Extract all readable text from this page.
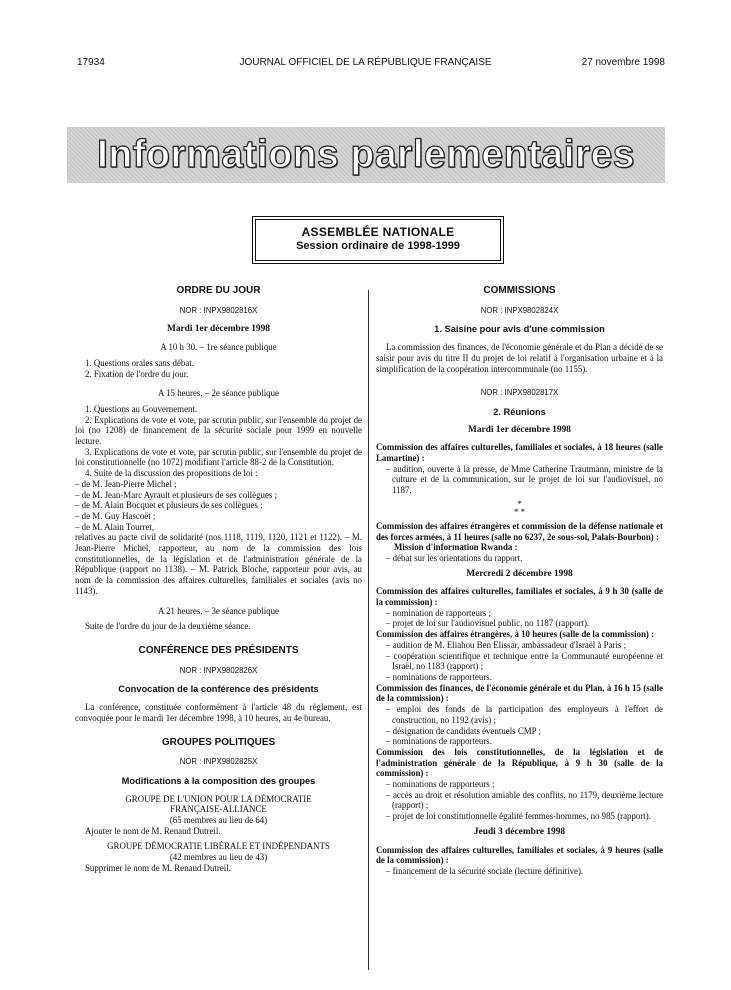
17934	JOURNAL OFFICIEL DE LA RÉPUBLIQUE FRANÇAISE	27 novembre 1998
Informations parlementaires
ASSEMBLÉE NATIONALE
Session ordinaire de 1998-1999
ORDRE DU JOUR
NOR : INPX9802816X
Mardi 1er décembre 1998
A 10 h 30. – 1re séance publique
1. Questions orales sans débat.
2. Fixation de l'ordre du jour.
A 15 heures. – 2e séance publique
1. Questions au Gouvernement.
2. Explications de vote et vote, par scrutin public, sur l'ensemble du projet de loi (no 1208) de financement de la sécurité sociale pour 1999 en nouvelle lecture.
3. Explications de vote et vote, par scrutin public, sur l'ensemble du projet de loi constitutionnelle (no 1072) modifiant l'article 88-2 de la Constitution.
4. Suite de la discussion des propositions de loi :
– de M. Jean-Pierre Michel ;
– de M. Jean-Marc Ayrault et plusieurs de ses collègues ;
– de M. Alain Bocquet et plusieurs de ses collègues ;
– de M. Guy Hascoët ;
– de M. Alain Tourret,
relatives au pacte civil de solidarité (nos 1118, 1119, 1120, 1121 et 1122). – M. Jean-Pierre Michel, rapporteur, au nom de la commission des lois constitutionnelles, de la législation et de l'administration générale de la République (rapport no 1138). – M. Patrick Bloche, rapporteur pour avis, au nom de la commission des affaires culturelles, familiales et sociales (avis no 1143).
A 21 heures. – 3e séance publique
Suite de l'ordre du jour de la deuxième séance.
CONFÉRENCE DES PRÉSIDENTS
NOR : INPX9802826X
Convocation de la conférence des présidents
La conférence, constituée conformément à l'article 48 du règlement, est convoquée pour le mardi 1er décembre 1998, à 10 heures, au 4e bureau.
GROUPES POLITIQUES
NOR : INPX9802825X
Modifications à la composition des groupes
GROUPE DE L'UNION POUR LA DÉMOCRATIE
FRANÇAISE-ALLIANCE
(65 membres au lieu de 64)
Ajouter le nom de M. Renaud Dutreil.
GROUPE DÉMOCRATIE LIBÉRALE ET INDÉPENDANTS
(42 membres au lieu de 43)
Supprimer le nom de M. Renaud Dutreil.
COMMISSIONS
NOR : INPX9802824X
1. Saisine pour avis d'une commission
La commission des finances, de l'économie générale et du Plan a décidé de se saisir pour avis du titre II du projet de loi relatif à l'organisation urbaine et à la simplification de la coopération intercommunale (no 1155).
NOR : INPX9802817X
2. Réunions
Mardi 1er décembre 1998
Commission des affaires culturelles, familiales et sociales, à 18 heures (salle Lamartine) :
– audition, ouverte à la presse, de Mme Catherine Trautmann, ministre de la culture et de la communication, sur le projet de loi sur l'audiovisuel, no 1187.
*
* *
Commission des affaires étrangères et commission de la défense nationale et des forces armées, à 11 heures (salle no 6237, 2e sous-sol, Palais-Bourbon) :
Mission d'information Rwanda :
– débat sur les orientations du rapport.
Mercredi 2 décembre 1998
Commission des affaires culturelles, familiales et sociales, à 9 h 30 (salle de la commission) :
– nomination de rapporteurs ;
– projet de loi sur l'audiovisuel public, no 1187 (rapport).
Commission des affaires étrangères, à 10 heures (salle de la commission) :
– audition de M. Eliahou Ben Elissar, ambassadeur d'Israël à Paris ;
– coopération scientifique et technique entre la Communauté européenne et Israël, no 1183 (rapport) ;
– nominations de rapporteurs.
Commission des finances, de l'économie générale et du Plan, à 16 h 15 (salle de la commission) :
– emploi des fonds de la participation des employeurs à l'effort de construction, no 1192 (avis) ;
– désignation de candidats éventuels CMP ;
– nominations de rapporteurs.
Commission des lois constitutionnelles, de la législation et de l'administration générale de la République, à 9 h 30 (salle de la commission) :
– nominations de rapporteurs ;
– accès au droit et résolution amiable des conflits, no 1179, deuxième lecture (rapport) ;
– projet de loi constitutionnelle égalité femmes-hommes, no 985 (rapport).
Jeudi 3 décembre 1998
Commission des affaires culturelles, familiales et sociales, à 9 heures (salle de la commission) :
– financement de la sécurité sociale (lecture définitive).
